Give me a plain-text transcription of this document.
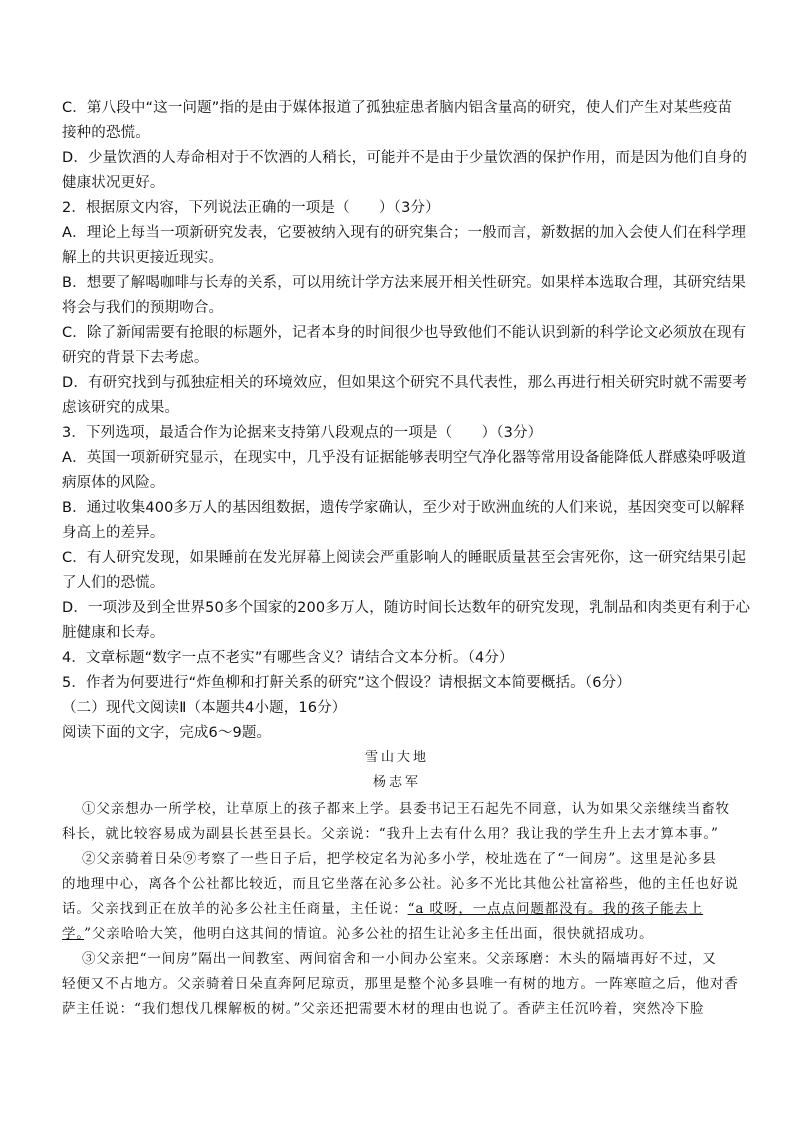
C．第八段中“这一问题”指的是由于媒体报道了孤独症患者脑内铝含量高的研究，使人们产生对某些疫苗
接种的恐慌。
D．少量饮酒的人寿命相对于不饮酒的人稍长，可能并不是由于少量饮酒的保护作用，而是因为他们自身的
健康状况更好。
2．根据原文内容，下列说法正确的一项是（　　）（3分）
A．理论上每当一项新研究发表，它要被纳入现有的研究集合；一般而言，新数据的加入会使人们在科学理
解上的共识更接近现实。
B．想要了解喝咖啡与长寿的关系，可以用统计学方法来展开相关性研究。如果样本选取合理，其研究结果
将会与我们的预期吻合。
C．除了新闻需要有抢眼的标题外，记者本身的时间很少也导致他们不能认识到新的科学论文必须放在现有
研究的背景下去考虑。
D．有研究找到与孤独症相关的环境效应，但如果这个研究不具代表性，那么再进行相关研究时就不需要考
虑该研究的成果。
3．下列选项，最适合作为论据来支持第八段观点的一项是（　　）（3分）
A．英国一项新研究显示，在现实中，几乎没有证据能够表明空气净化器等常用设备能降低人群感染呼吸道
病原体的风险。
B．通过收集400多万人的基因组数据，遗传学家确认，至少对于欧洲血统的人们来说，基因突变可以解释
身高上的差异。
C．有人研究发现，如果睡前在发光屏幕上阅读会严重影响人的睡眠质量甚至会害死你，这一研究结果引起
了人们的恐慌。
D．一项涉及到全世界50多个国家的200多万人，随访时间长达数年的研究发现，乳制品和肉类更有利于心
脏健康和长寿。
4．文章标题“数字一点不老实”有哪些含义？请结合文本分析。（4分）
5．作者为何要进行“炸鱼柳和打鼾关系的研究”这个假设？请根据文本简要概括。（6分）
（二）现代文阅读Ⅱ（本题共4小题，16分）
阅读下面的文字，完成6～9题。
雪山大地
杨志军
①父亲想办一所学校，让草原上的孩子都来上学。县委书记王石起先不同意，认为如果父亲继续当畜牧
科长，就比较容易成为副县长甚至县长。父亲说：“我升上去有什么用？我让我的学生升上去才算本事。”
②父亲骑着日朵⑨考察了一些日子后，把学校定名为沁多小学，校址选在了“一间房”。这里是沁多县
的地理中心，离各个公社都比较近，而且它坐落在沁多公社。沁多不光比其他公社富裕些，他的主任也好说
话。父亲找到正在放羊的沁多公社主任商量，主任说：“a 哎呀，一点点问题都没有。我的孩子能去上
学。”父亲哈哈大笑，他明白这其间的情谊。沁多公社的招生让沁多主任出面，很快就招成功。
③父亲把“一间房”隔出一间教室、两间宿舍和一小间办公室来。父亲琢磨：木头的隔墙再好不过，又
轻便又不占地方。父亲骑着日朵直奔阿尼琼贡，那里是整个沁多县唯一有树的地方。一阵寒暄之后，他对香
萨主任说：“我们想伐几棵解板的树。”父亲还把需要木材的理由也说了。香萨主任沉吟着，突然冷下脸
